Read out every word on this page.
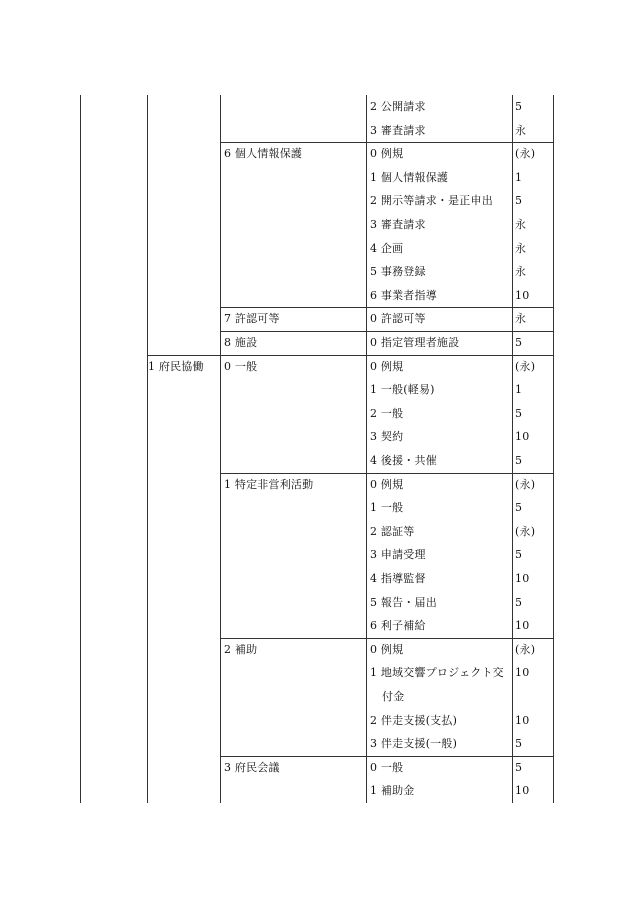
2 公開請求	5
3 審査請求	永
6 個人情報保護	0 例規	(永)
1 個人情報保護	1
2 開示等請求・是正申出 5
3 審査請求	永
4 企画	永
5 事務登録	永
6 事業者指導	10
7 許認可等	0 許認可等	永
8 施設	0 指定管理者施設	5
1 府民協働 0 一般	0 例規	(永)
1 一般(軽易)	1
2 一般	5
3 契約	10
4 後援・共催	5
1 特定非営利活動	0 例規	(永)
1 一般	5
2 認証等	(永)
3 申請受理	5
4 指導監督	10
5 報告・届出	5
6 利子補給	10
2 補助	0 例規	(永)
1 地域交響プロジェクト交 10
付金
2 伴走支援(支払)	10
3 伴走支援(一般)	5
3 府民会議	0 一般	5
1 補助金	10
